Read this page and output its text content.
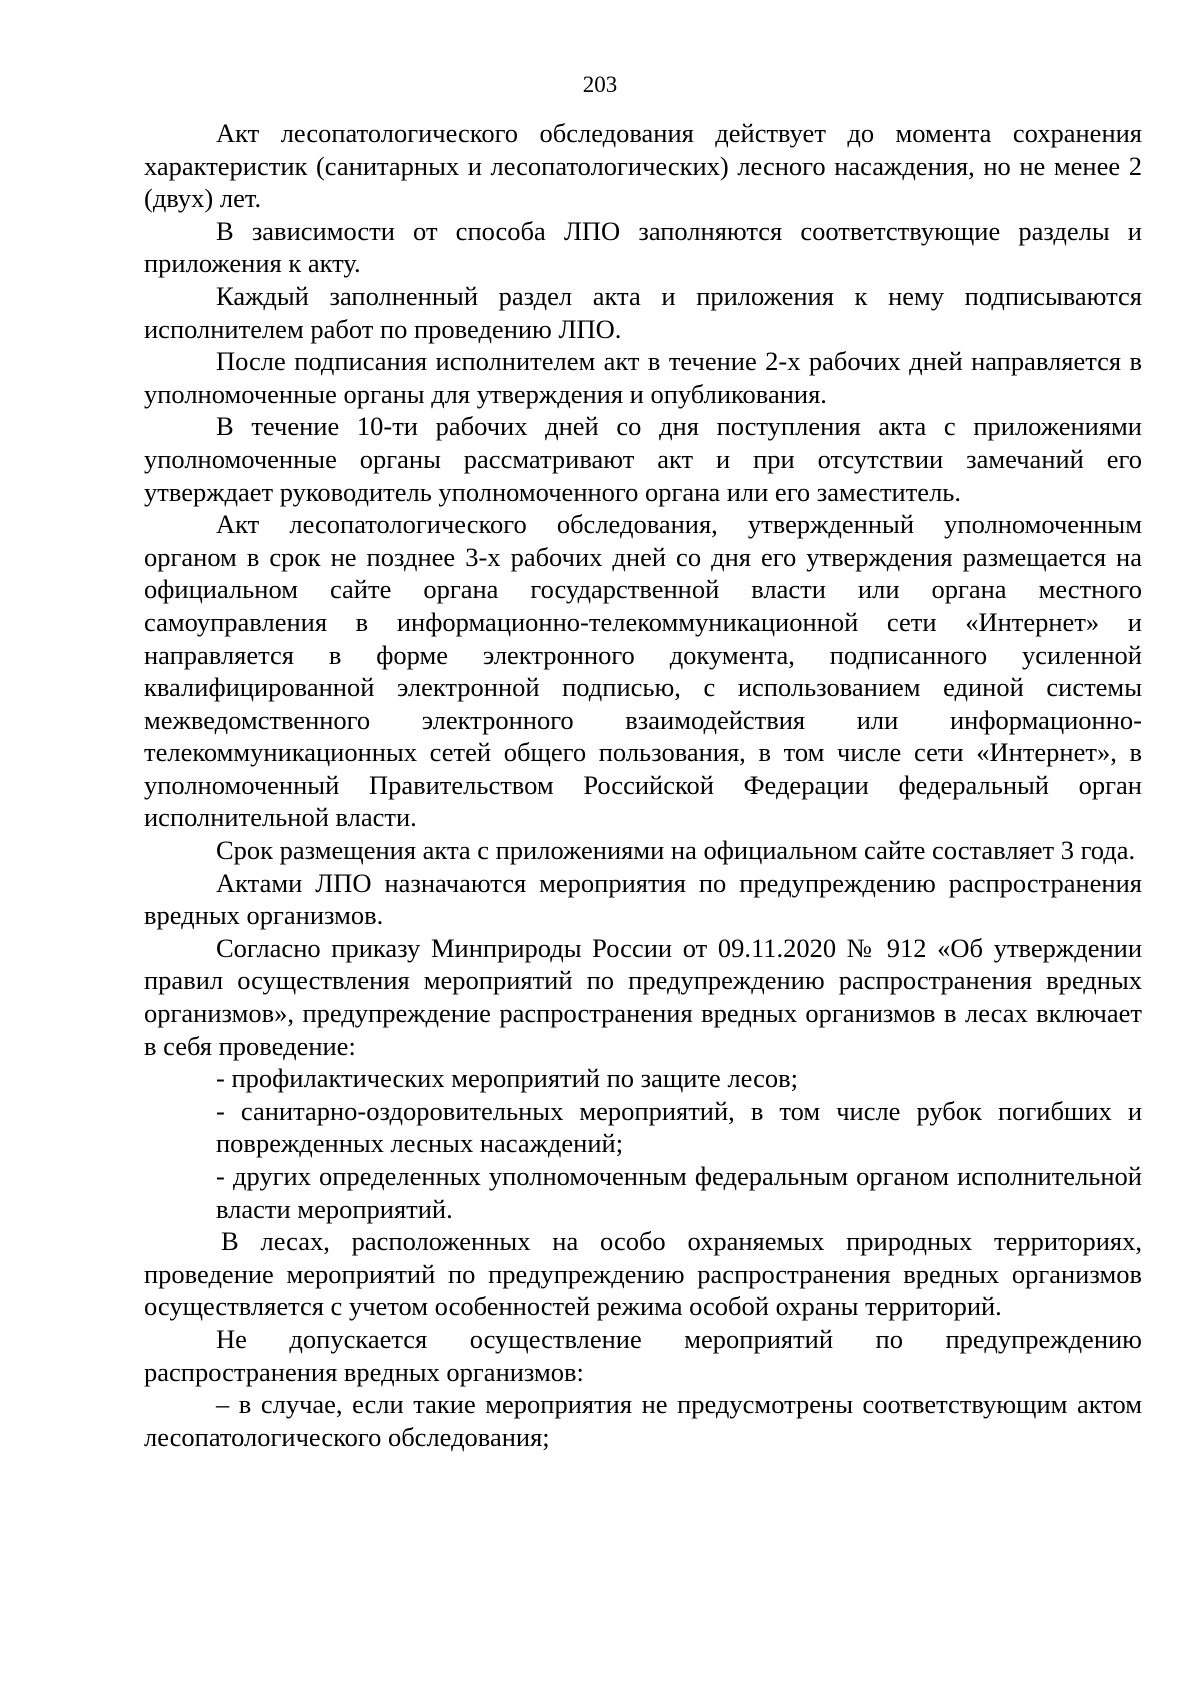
203

Акт лесопатологического обследования действует до момента сохранения характеристик (санитарных и лесопатологических) лесного насаждения, но не менее 2 (двух) лет.

В зависимости от способа ЛПО заполняются соответствующие разделы и приложения к акту.

Каждый заполненный раздел акта и приложения к нему подписываются исполнителем работ по проведению ЛПО.

После подписания исполнителем акт в течение 2-х рабочих дней направляется в уполномоченные органы для утверждения и опубликования.

В течение 10-ти рабочих дней со дня поступления акта с приложениями уполномоченные органы рассматривают акт и при отсутствии замечаний его утверждает руководитель уполномоченного органа или его заместитель.

Акт лесопатологического обследования, утвержденный уполномоченным органом в срок не позднее 3-х рабочих дней со дня его утверждения размещается на официальном сайте органа государственной власти или органа местного самоуправления в информационно-телекоммуникационной сети «Интернет» и направляется в форме электронного документа, подписанного усиленной квалифицированной электронной подписью, с использованием единой системы межведомственного электронного взаимодействия или информационно-телекоммуникационных сетей общего пользования, в том числе сети «Интернет», в уполномоченный Правительством Российской Федерации федеральный орган исполнительной власти.

Срок размещения акта с приложениями на официальном сайте составляет 3 года.

Актами ЛПО назначаются мероприятия по предупреждению распространения вредных организмов.

Согласно приказу Минприроды России от 09.11.2020 № 912 «Об утверждении правил осуществления мероприятий по предупреждению распространения вредных организмов», предупреждение распространения вредных организмов в лесах включает в себя проведение:

- профилактических мероприятий по защите лесов;

- санитарно-оздоровительных мероприятий, в том числе рубок погибших и поврежденных лесных насаждений;

- других определенных уполномоченным федеральным органом исполнительной власти мероприятий.

В лесах, расположенных на особо охраняемых природных территориях, проведение мероприятий по предупреждению распространения вредных организмов осуществляется с учетом особенностей режима особой охраны территорий.

Не допускается осуществление мероприятий по предупреждению распространения вредных организмов:

– в случае, если такие мероприятия не предусмотрены соответствующим актом лесопатологического обследования;
